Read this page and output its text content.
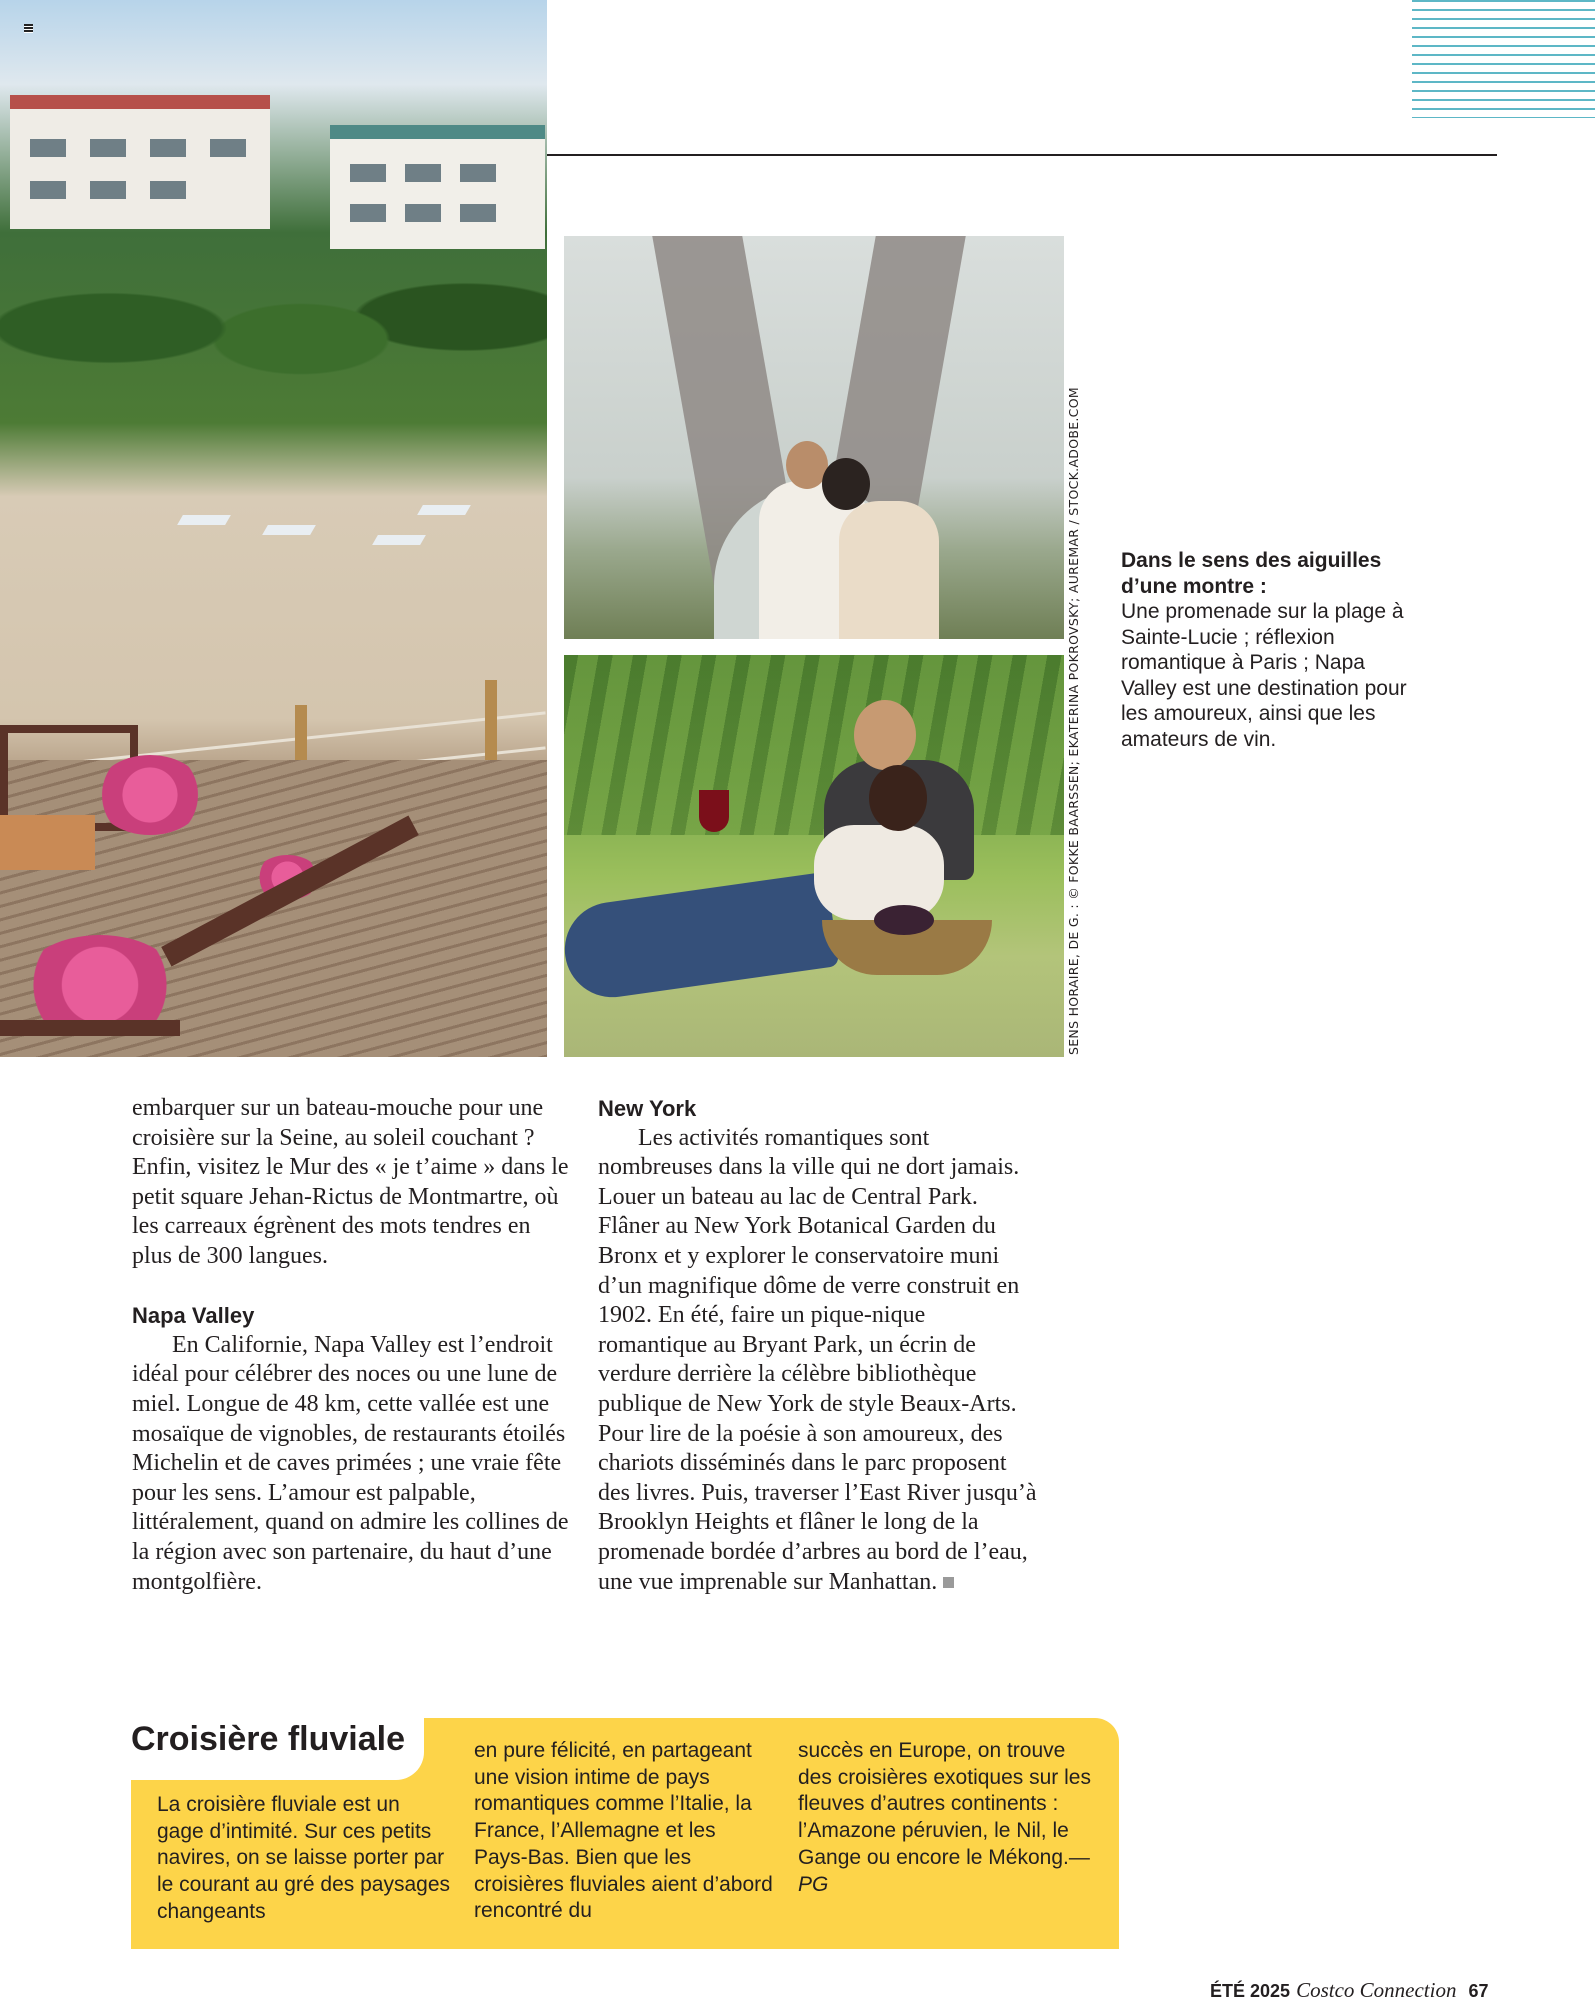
SENS HORAIRE, DE G. : © FOKKE BAARSSEN; EKATERINA POKROVSKY; AUREMAR / STOCK.ADOBE.COM Dans le sens des aiguilles d’une montre :
Une promenade sur la plage à Sainte-Lucie ; réflexion romantique à Paris ; Napa Valley est une destination pour les amoureux, ainsi que les amateurs de vin.

embarquer sur un bateau-mouche pour une croisière sur la Seine, au soleil couchant ? Enfin, visitez le Mur des « je t’aime » dans le petit square Jehan-Rictus de Montmartre, où les carreaux égrènent des mots tendres en plus de 300 langues.

Napa Valley

En Californie, Napa Valley est l’endroit idéal pour célébrer des noces ou une lune de miel. Longue de 48 km, cette vallée est une mosaïque de vignobles, de restaurants étoilés Michelin et de caves primées ; une vraie fête pour les sens. L’amour est palpable, littéralement, quand on admire les collines de la région avec son partenaire, du haut d’une montgolfière.

New York

Les activités romantiques sont nombreuses dans la ville qui ne dort jamais. Louer un bateau au lac de Central Park. Flâner au New York Botanical Garden du Bronx et y explorer le conservatoire muni d’un magnifique dôme de verre construit en 1902. En été, faire un pique-nique romantique au Bryant Park, un écrin de verdure derrière la célèbre bibliothèque publique de New York de style Beaux-Arts. Pour lire de la poésie à son amoureux, des chariots disséminés dans le parc proposent des livres. Puis, traverser l’East River jusqu’à Brooklyn Heights et flâner le long de la promenade bordée d’arbres au bord de l’eau, une vue imprenable sur Manhattan.

Croisière fluviale
La croisière fluviale est un gage d’intimité. Sur ces petits navires, on se laisse porter par le courant au gré des paysages changeants
en pure félicité, en partageant une vision intime de pays romantiques comme l’Italie, la France, l’Allemagne et les Pays-Bas. Bien que les croisières fluviales aient d’abord rencontré du
succès en Europe, on trouve des croisières exotiques sur les fleuves d’autres continents : l’Amazone péruvien, le Nil, le Gange ou encore le Mékong.—PG
ÉTÉ 2025 Costco Connection 67
